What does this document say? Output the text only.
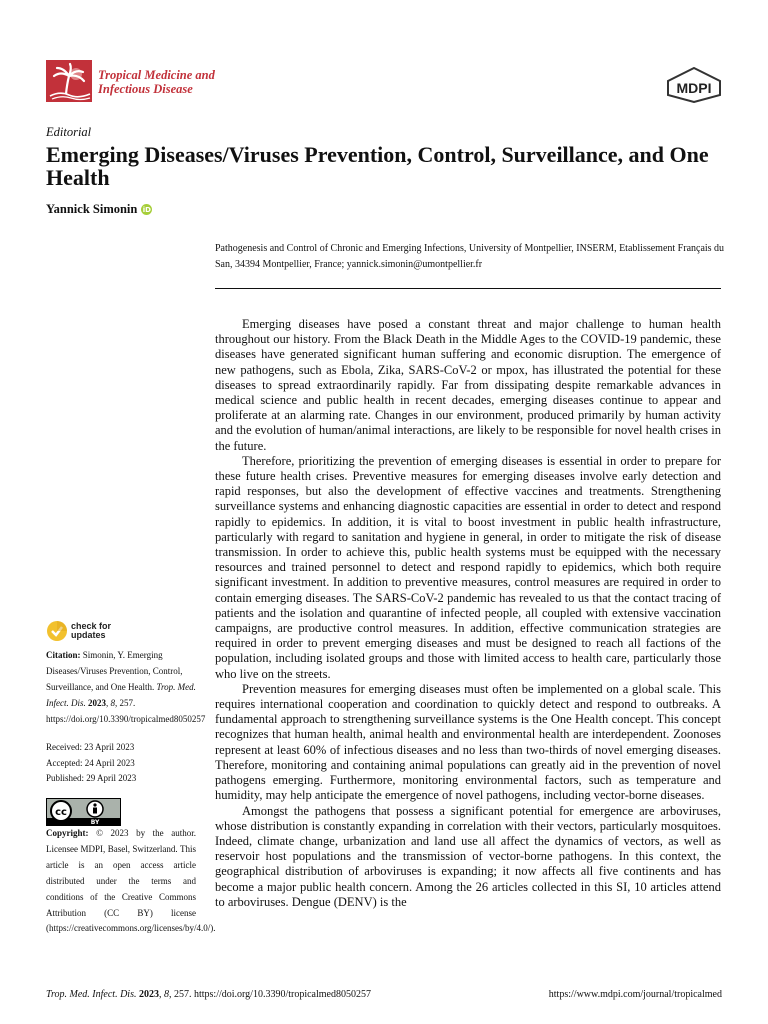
Tropical Medicine and
Infectious Disease	MDPI
Editorial
Emerging Diseases/Viruses Prevention, Control, Surveillance, and One Health
Yannick Simonin iD
Pathogenesis and Control of Chronic and Emerging Infections, University of Montpellier, INSERM, Etablissement Français du San, 34394 Montpellier, France; yannick.simonin@umontpellier.fr

Emerging diseases have posed a constant threat and major challenge to human health throughout our history. From the Black Death in the Middle Ages to the COVID-19 pandemic, these diseases have generated significant human suffering and economic disruption. The emergence of new pathogens, such as Ebola, Zika, SARS-CoV-2 or mpox, has illustrated the potential for these diseases to spread extraordinarily rapidly. Far from dissipating despite remarkable advances in medical science and public health in recent decades, emerging diseases continue to appear and proliferate at an alarming rate. Changes in our environment, produced primarily by human activity and the evolution of human/animal interactions, are likely to be responsible for novel health crises in the future.

Therefore, prioritizing the prevention of emerging diseases is essential in order to prepare for these future health crises. Preventive measures for emerging diseases involve early detection and rapid responses, but also the development of effective vaccines and treatments. Strengthening surveillance systems and enhancing diagnostic capacities are essential in order to detect and respond rapidly to epidemics. In addition, it is vital to boost investment in public health infrastructure, particularly with regard to sanitation and hygiene in general, in order to mitigate the risk of disease transmission. In order to achieve this, public health systems must be equipped with the necessary resources and trained personnel to detect and respond rapidly to epidemics, which both require significant investment. In addition to preventive measures, control measures are required in order to contain emerging diseases. The SARS-CoV-2 pandemic has revealed to us that the contact tracing of patients and the isolation and quarantine of infected people, all coupled with extensive vaccination campaigns, are productive control measures. In addition, effective communication strategies are required in order to prevent emerging diseases and must be designed to reach all factions of the population, including isolated groups and those with limited access to health care, particularly those who live on the streets.

Prevention measures for emerging diseases must often be implemented on a global scale. This requires international cooperation and coordination to quickly detect and respond to outbreaks. A fundamental approach to strengthening surveillance systems is the One Health concept. This concept recognizes that human health, animal health and environmental health are interdependent. Zoonoses represent at least 60% of infectious diseases and no less than two-thirds of novel emerging diseases. Therefore, monitoring and containing animal populations can greatly aid in the prevention of novel pathogens emerging. Furthermore, monitoring environmental factors, such as temperature and humidity, may help anticipate the emergence of novel pathogens, including vector-borne diseases.

Amongst the pathogens that possess a significant potential for emergence are arboviruses, whose distribution is constantly expanding in correlation with their vectors, particularly mosquitoes. Indeed, climate change, urbanization and land use all affect the dynamics of vectors, as well as reservoir host populations and the transmission of vector-borne pathogens. In this context, the geographical distribution of arboviruses is expanding; it now affects all five continents and has become a major public health concern. Among the 26 articles collected in this SI, 10 articles attend to arboviruses. Dengue (DENV) is the

check for
updates

Citation: Simonin, Y. Emerging Diseases/Viruses Prevention, Control, Surveillance, and One Health. Trop. Med. Infect. Dis. 2023, 8, 257. https://doi.org/10.3390/tropicalmed8050257

Received: 23 April 2023

Accepted: 24 April 2023

Published: 29 April 2023

cc
BY
Copyright: © 2023 by the author. Licensee MDPI, Basel, Switzerland. This article is an open access article distributed under the terms and conditions of the Creative Commons Attribution (CC BY) license (https://creativecommons.org/licenses/by/4.0/).
Trop. Med. Infect. Dis. 2023, 8, 257. https://doi.org/10.3390/tropicalmed8050257	https://www.mdpi.com/journal/tropicalmed
